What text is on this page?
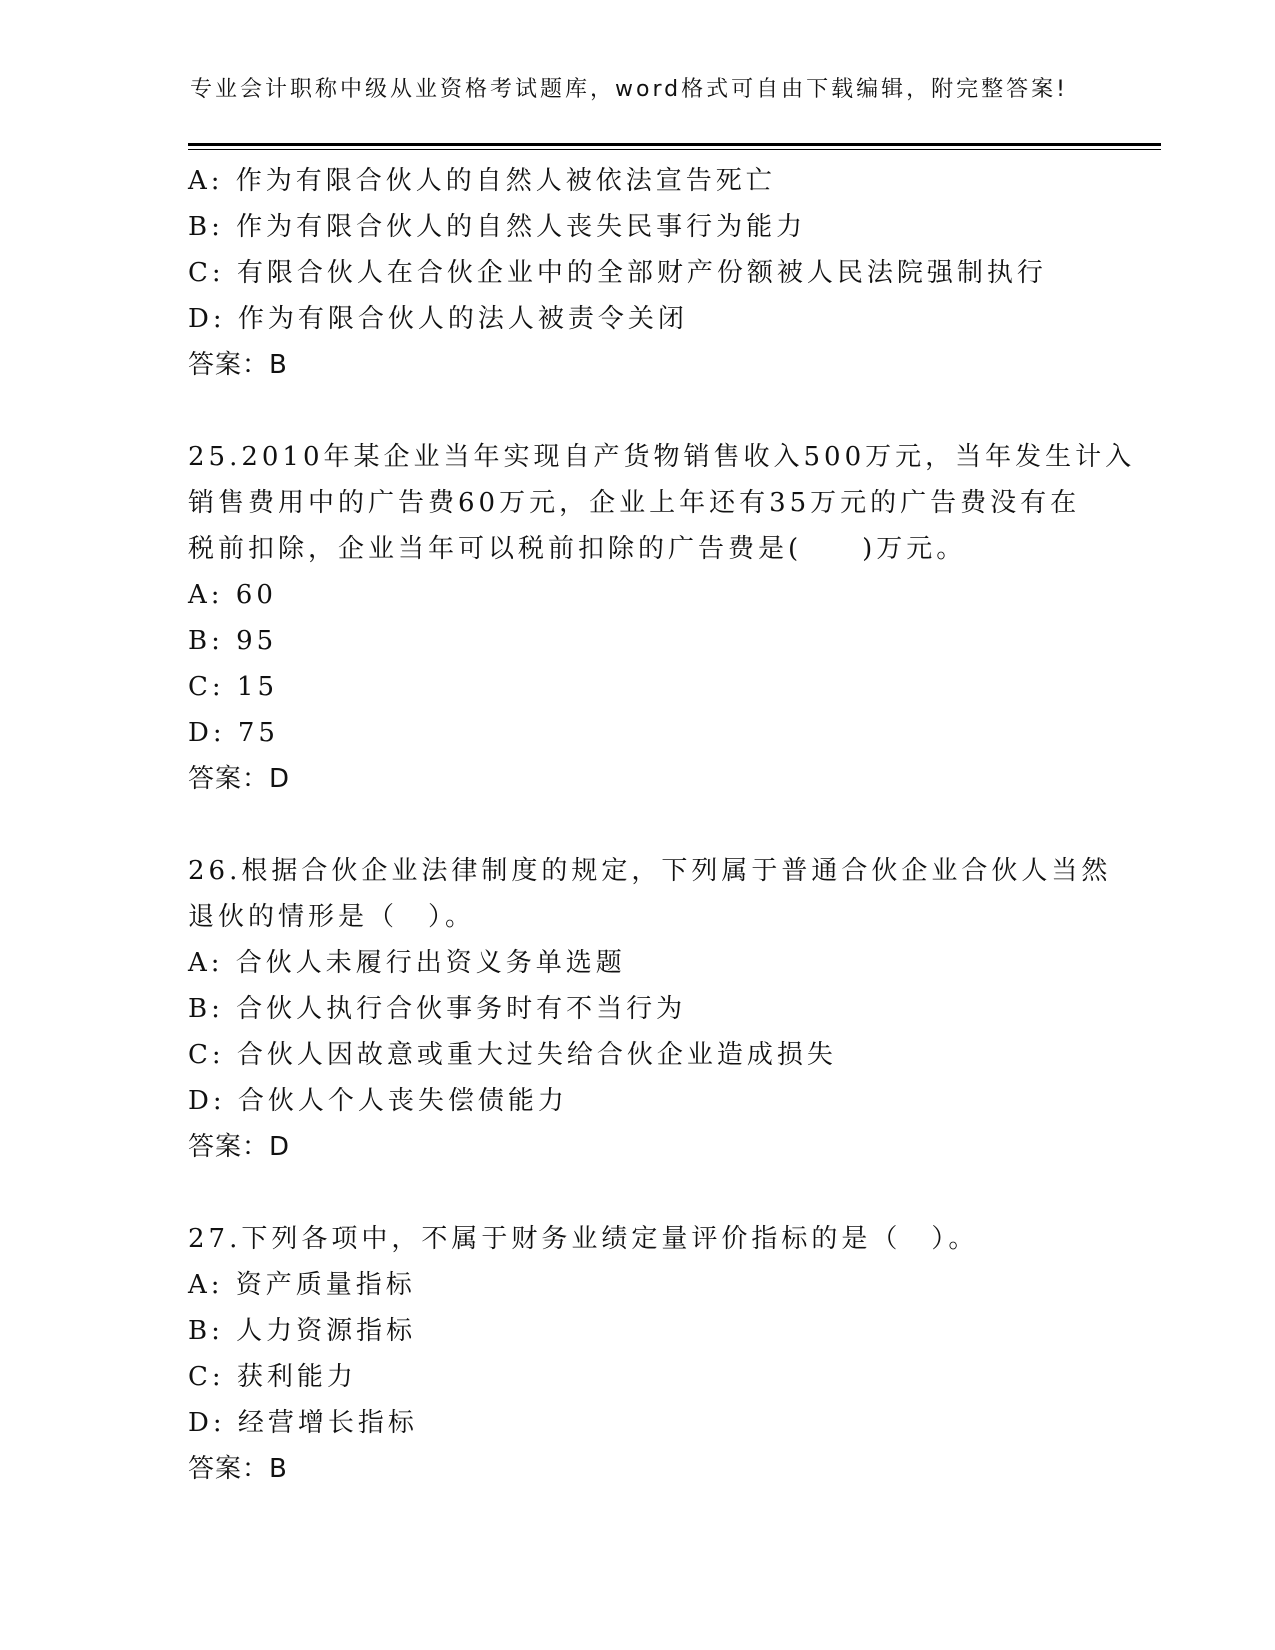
专业会计职称中级从业资格考试题库，word格式可自由下载编辑，附完整答案!
A: 作为有限合伙人的自然人被依法宣告死亡
B: 作为有限合伙人的自然人丧失民事行为能力
C: 有限合伙人在合伙企业中的全部财产份额被人民法院强制执行
D: 作为有限合伙人的法人被责令关闭
答案：B
25.2010年某企业当年实现自产货物销售收入500万元，当年发生计入
销售费用中的广告费60万元，企业上年还有35万元的广告费没有在
税前扣除，企业当年可以税前扣除的广告费是(　　)万元。
A: 60
B: 95
C: 15
D: 75
答案：D
26.根据合伙企业法律制度的规定，下列属于普通合伙企业合伙人当然
退伙的情形是（　）。
A: 合伙人未履行出资义务单选题
B: 合伙人执行合伙事务时有不当行为
C: 合伙人因故意或重大过失给合伙企业造成损失
D: 合伙人个人丧失偿债能力
答案：D
27.下列各项中，不属于财务业绩定量评价指标的是（　）。
A: 资产质量指标
B: 人力资源指标
C: 获利能力
D: 经营增长指标
答案：B
